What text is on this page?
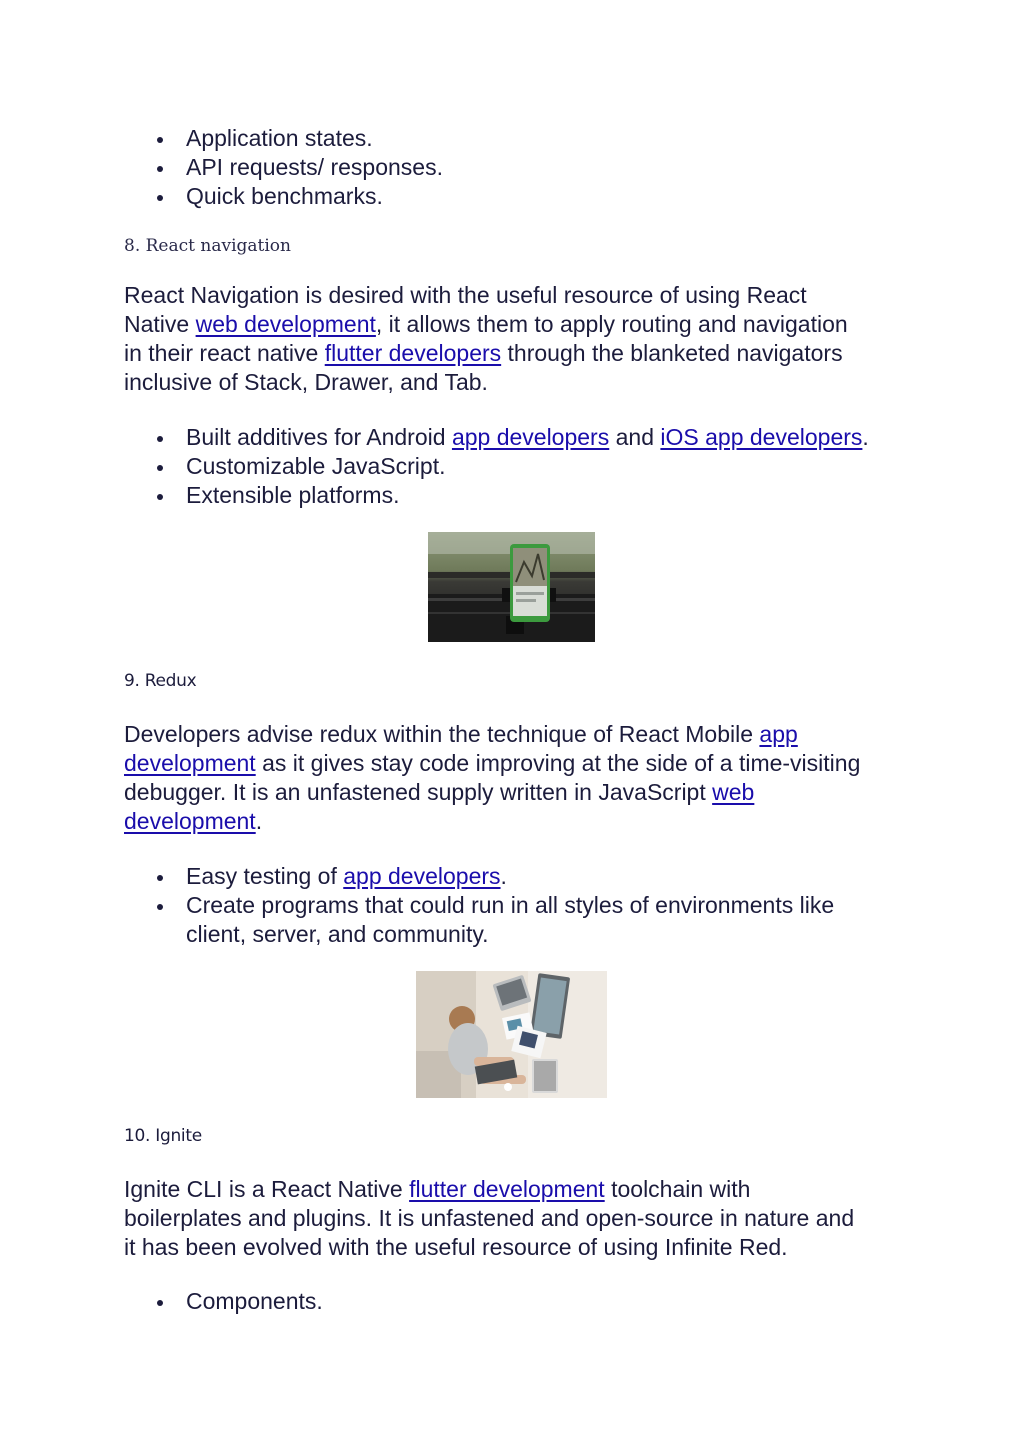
Application states.
API requests/ responses.
Quick benchmarks.
8. React navigation
React Navigation is desired with the useful resource of using React
Native web development, it allows them to apply routing and navigation
in their react native flutter developers through the blanketed navigators
inclusive of Stack, Drawer, and Tab.
Built additives for Android app developers and iOS app developers.
Customizable JavaScript.
Extensible platforms.
9. Redux
Developers advise redux within the technique of React Mobile app
development as it gives stay code improving at the side of a time-visiting
debugger. It is an unfastened supply written in JavaScript web
development.
Easy testing of app developers.
Create programs that could run in all styles of environments like
client, server, and community.
10. Ignite
Ignite CLI is a React Native flutter development toolchain with
boilerplates and plugins. It is unfastened and open-source in nature and
it has been evolved with the useful resource of using Infinite Red.
Components.
